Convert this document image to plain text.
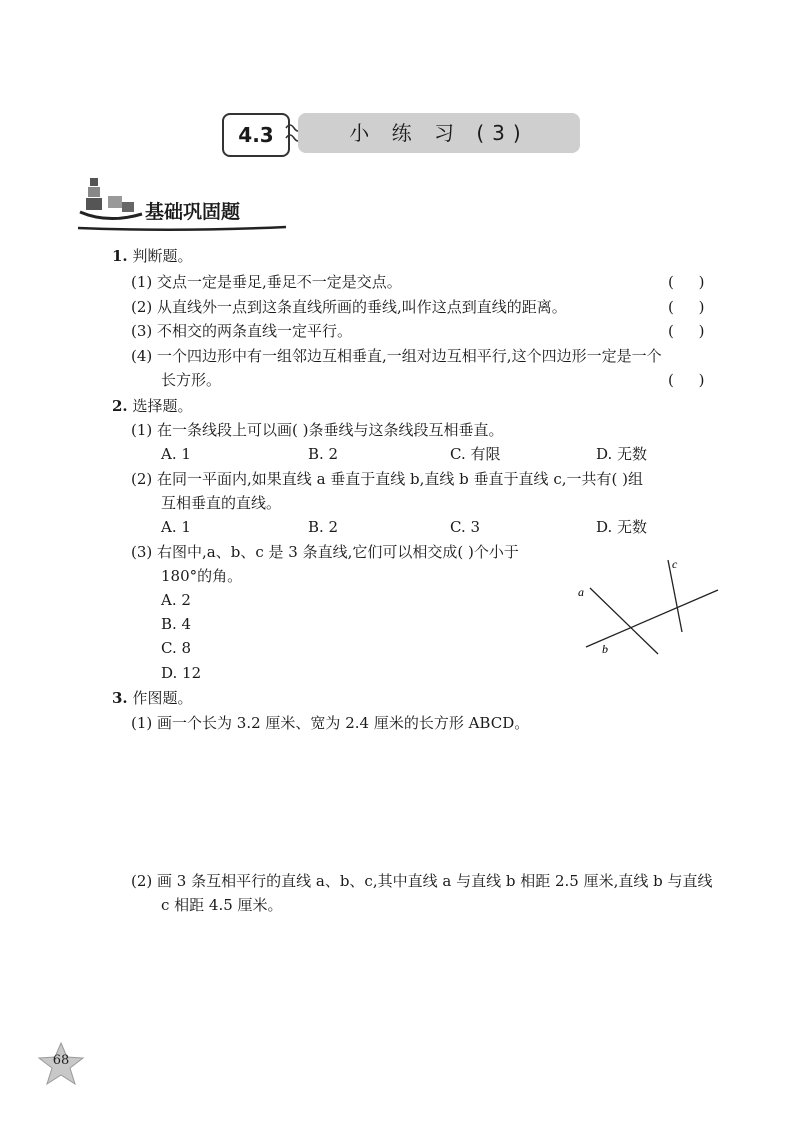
4.3	小 练 习 (3)
基础巩固题
1. 判断题。
(1) 交点一定是垂足,垂足不一定是交点。	( )
(2) 从直线外一点到这条直线所画的垂线,叫作这点到直线的距离。	( )
(3) 不相交的两条直线一定平行。	( )
(4) 一个四边形中有一组邻边互相垂直,一组对边互相平行,这个四边形一定是一个
长方形。	( )
2. 选择题。
(1) 在一条线段上可以画( )条垂线与这条线段互相垂直。
A. 1	B. 2	C. 有限	D. 无数
(2) 在同一平面内,如果直线 a 垂直于直线 b,直线 b 垂直于直线 c,一共有( )组
互相垂直的直线。
A. 1	B. 2	C. 3	D. 无数
(3) 右图中,a、b、c 是 3 条直线,它们可以相交成( )个小于
180°的角。
A. 2
B. 4
C. 8
D. 12
a
b
c
3. 作图题。
(1) 画一个长为 3.2 厘米、宽为 2.4 厘米的长方形 ABCD。
(2) 画 3 条互相平行的直线 a、b、c,其中直线 a 与直线 b 相距 2.5 厘米,直线 b 与直线
c 相距 4.5 厘米。
68
